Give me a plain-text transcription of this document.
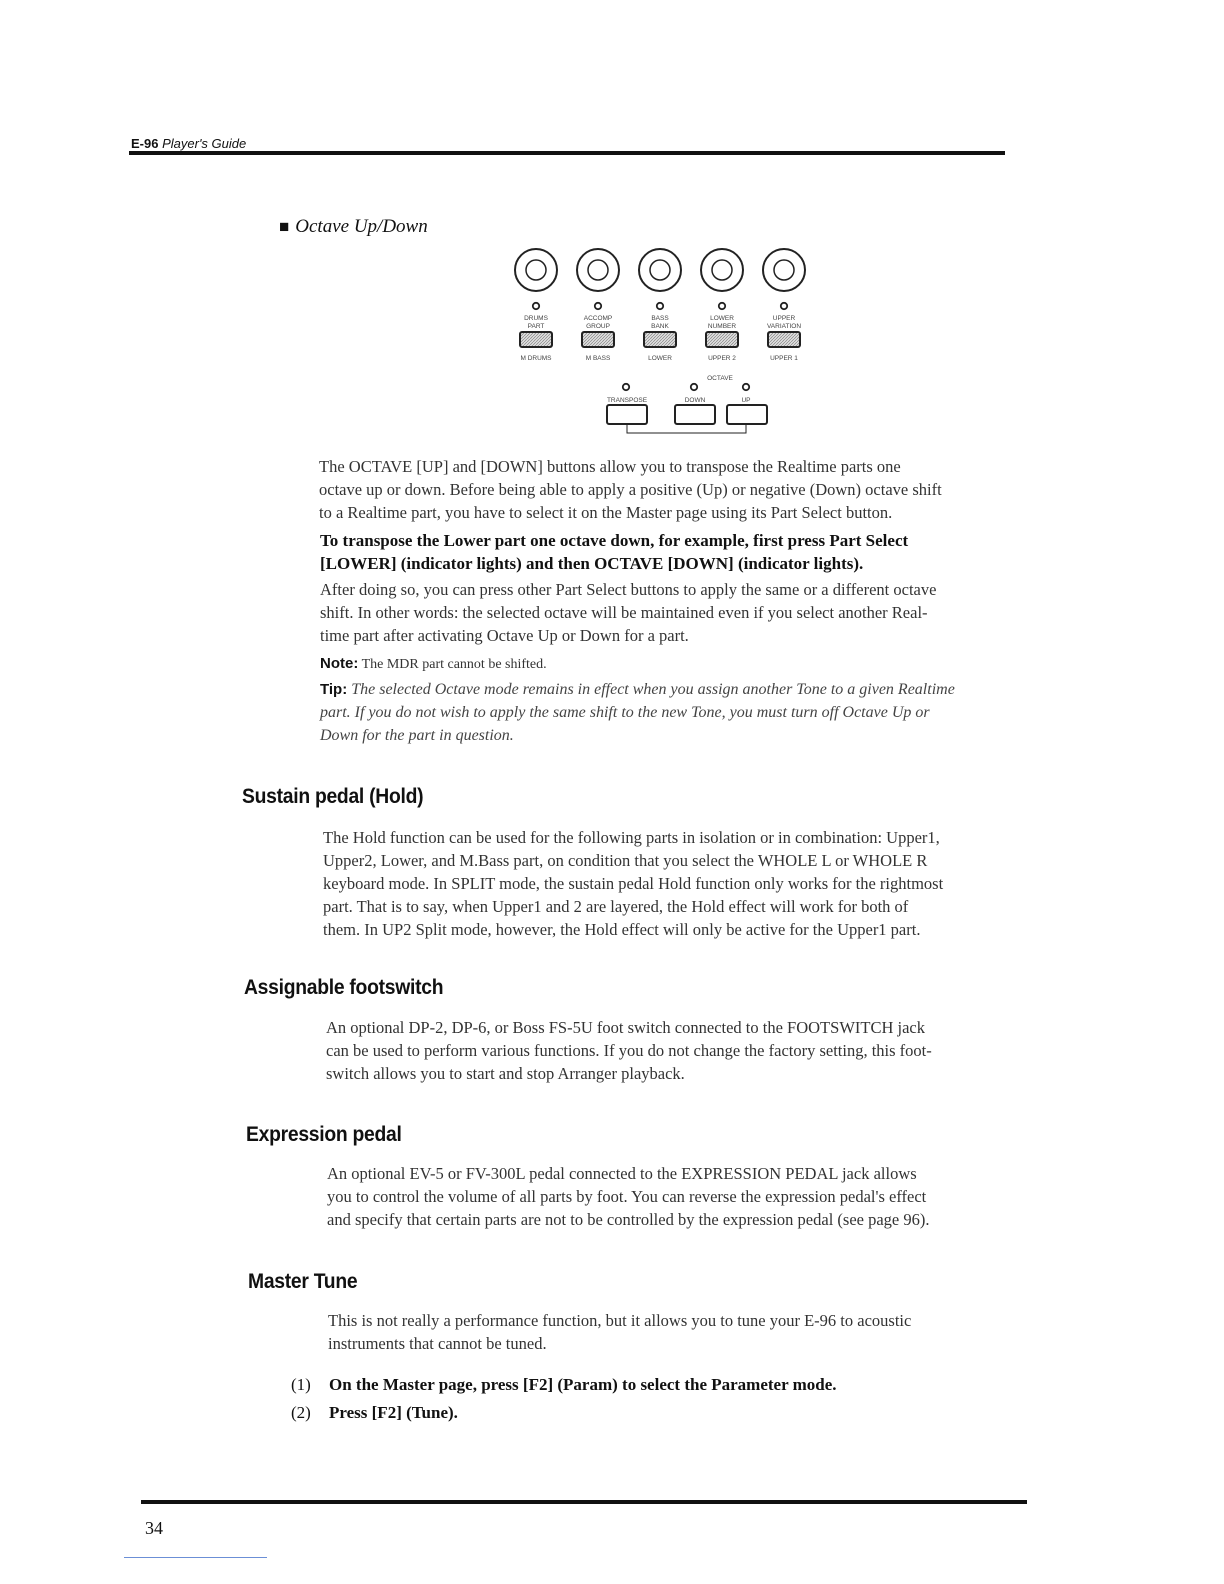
E-96 Player's Guide
■ Octave Up/Down
DRUMS
PART
ACCOMP
GROUP
BASS
BANK
LOWER
NUMBER
UPPER
VARIATION
M DRUMS	M BASS	LOWER	UPPER 2	UPPER 1
OCTAVE
TRANSPOSE	DOWN	UP
The OCTAVE [UP] and [DOWN] buttons allow you to transpose the Realtime parts one
octave up or down. Before being able to apply a positive (Up) or negative (Down) octave shift
to a Realtime part, you have to select it on the Master page using its Part Select button.
To transpose the Lower part one octave down, for example, first press Part Select
[LOWER] (indicator lights) and then OCTAVE [DOWN] (indicator lights).
After doing so, you can press other Part Select buttons to apply the same or a different octave
shift. In other words: the selected octave will be maintained even if you select another Real-
time part after activating Octave Up or Down for a part.
Note: The MDR part cannot be shifted.
Tip: The selected Octave mode remains in effect when you assign another Tone to a given Realtime
part. If you do not wish to apply the same shift to the new Tone, you must turn off Octave Up or
Down for the part in question.
Sustain pedal (Hold)
The Hold function can be used for the following parts in isolation or in combination: Upper1,
Upper2, Lower, and M.Bass part, on condition that you select the WHOLE L or WHOLE R
keyboard mode. In SPLIT mode, the sustain pedal Hold function only works for the rightmost
part. That is to say, when Upper1 and 2 are layered, the Hold effect will work for both of
them. In UP2 Split mode, however, the Hold effect will only be active for the Upper1 part.
Assignable footswitch
An optional DP-2, DP-6, or Boss FS-5U foot switch connected to the FOOTSWITCH jack
can be used to perform various functions. If you do not change the factory setting, this foot-
switch allows you to start and stop Arranger playback.
Expression pedal
An optional EV-5 or FV-300L pedal connected to the EXPRESSION PEDAL jack allows
you to control the volume of all parts by foot. You can reverse the expression pedal's effect
and specify that certain parts are not to be controlled by the expression pedal (see page 96).
Master Tune
This is not really a performance function, but it allows you to tune your E-96 to acoustic
instruments that cannot be tuned.
(1) On the Master page, press [F2] (Param) to select the Parameter mode.
(2) Press [F2] (Tune).
34
